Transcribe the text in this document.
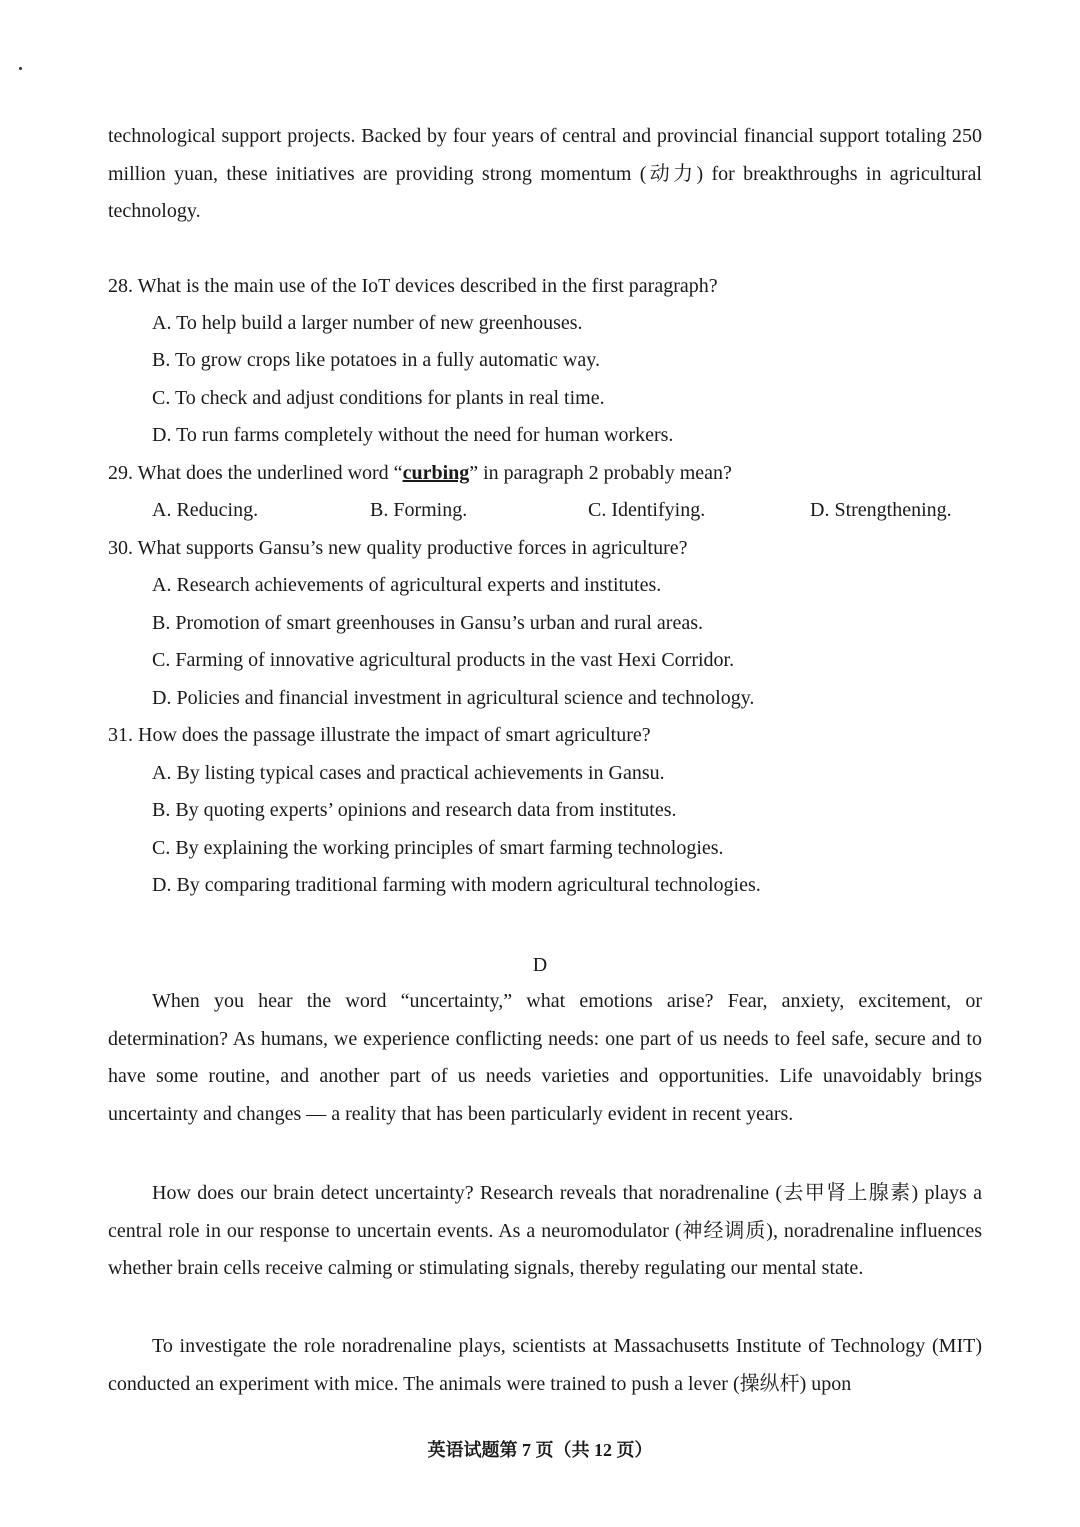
technological support projects. Backed by four years of central and provincial financial support totaling 250 million yuan, these initiatives are providing strong momentum (动力) for breakthroughs in agricultural technology.

28. What is the main use of the IoT devices described in the first paragraph?

A. To help build a larger number of new greenhouses.

B. To grow crops like potatoes in a fully automatic way.

C. To check and adjust conditions for plants in real time.

D. To run farms completely without the need for human workers.

29. What does the underlined word “curbing” in paragraph 2 probably mean?

A. Reducing.	B. Forming.	C. Identifying.	D. Strengthening.

30. What supports Gansu’s new quality productive forces in agriculture?

A. Research achievements of agricultural experts and institutes.

B. Promotion of smart greenhouses in Gansu’s urban and rural areas.

C. Farming of innovative agricultural products in the vast Hexi Corridor.

D. Policies and financial investment in agricultural science and technology.

31. How does the passage illustrate the impact of smart agriculture?

A. By listing typical cases and practical achievements in Gansu.

B. By quoting experts’ opinions and research data from institutes.

C. By explaining the working principles of smart farming technologies.

D. By comparing traditional farming with modern agricultural technologies.

D

When you hear the word “uncertainty,” what emotions arise? Fear, anxiety, excitement, or determination? As humans, we experience conflicting needs: one part of us needs to feel safe, secure and to have some routine, and another part of us needs varieties and opportunities. Life unavoidably brings uncertainty and changes — a reality that has been particularly evident in recent years.

How does our brain detect uncertainty? Research reveals that noradrenaline (去甲肾上腺素) plays a central role in our response to uncertain events. As a neuromodulator (神经调质), noradrenaline influences whether brain cells receive calming or stimulating signals, thereby regulating our mental state.

To investigate the role noradrenaline plays, scientists at Massachusetts Institute of Technology (MIT) conducted an experiment with mice. The animals were trained to push a lever (操纵杆) upon

英语试题第 7 页（共 12 页）
